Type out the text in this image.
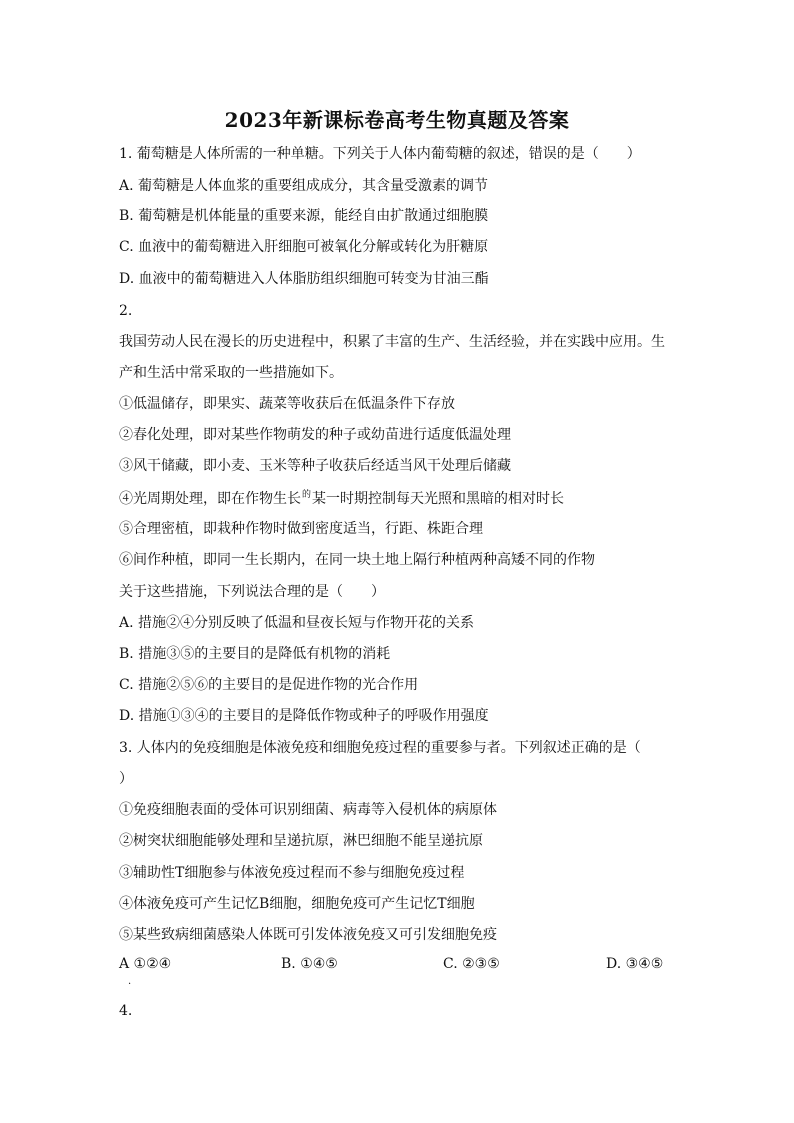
2023年新课标卷高考生物真题及答案
1. 葡萄糖是人体所需的一种单糖。下列关于人体内葡萄糖的叙述，错误的是（　　）
A. 葡萄糖是人体血浆的重要组成成分，其含量受激素的调节
B. 葡萄糖是机体能量的重要来源，能经自由扩散通过细胞膜
C. 血液中的葡萄糖进入肝细胞可被氧化分解或转化为肝糖原
D. 血液中的葡萄糖进入人体脂肪组织细胞可转变为甘油三酯
2.
我国劳动人民在漫长的历史进程中，积累了丰富的生产、生活经验，并在实践中应用。生
产和生活中常采取的一些措施如下。
①低温储存，即果实、蔬菜等收获后在低温条件下存放
②春化处理，即对某些作物萌发的种子或幼苗进行适度低温处理
③风干储藏，即小麦、玉米等种子收获后经适当风干处理后储藏
④光周期处理，即在作物生长$^的$某一时期控制每天光照和黑暗的相对时长
⑤合理密植，即栽种作物时做到密度适当，行距、株距合理
⑥间作种植，即同一生长期内，在同一块土地上隔行种植两种高矮不同的作物
关于这些措施，下列说法合理的是（　　）
A. 措施②④分别反映了低温和昼夜长短与作物开花的关系
B. 措施③⑤的主要目的是降低有机物的消耗
C. 措施②⑤⑥的主要目的是促进作物的光合作用
D. 措施①③④的主要目的是降低作物或种子的呼吸作用强度
3. 人体内的免疫细胞是体液免疫和细胞免疫过程的重要参与者。下列叙述正确的是（
）
①免疫细胞表面的受体可识别细菌、病毒等入侵机体的病原体
②树突状细胞能够处理和呈递抗原，淋巴细胞不能呈递抗原
③辅助性T细胞参与体液免疫过程而不参与细胞免疫过程
④体液免疫可产生记忆B细胞，细胞免疫可产生记忆T细胞
⑤某些致病细菌感染人体既可引发体液免疫又可引发细胞免疫
A ①②④	B. ①④⑤	C. ②③⑤	D. ③④⑤
.
4.
